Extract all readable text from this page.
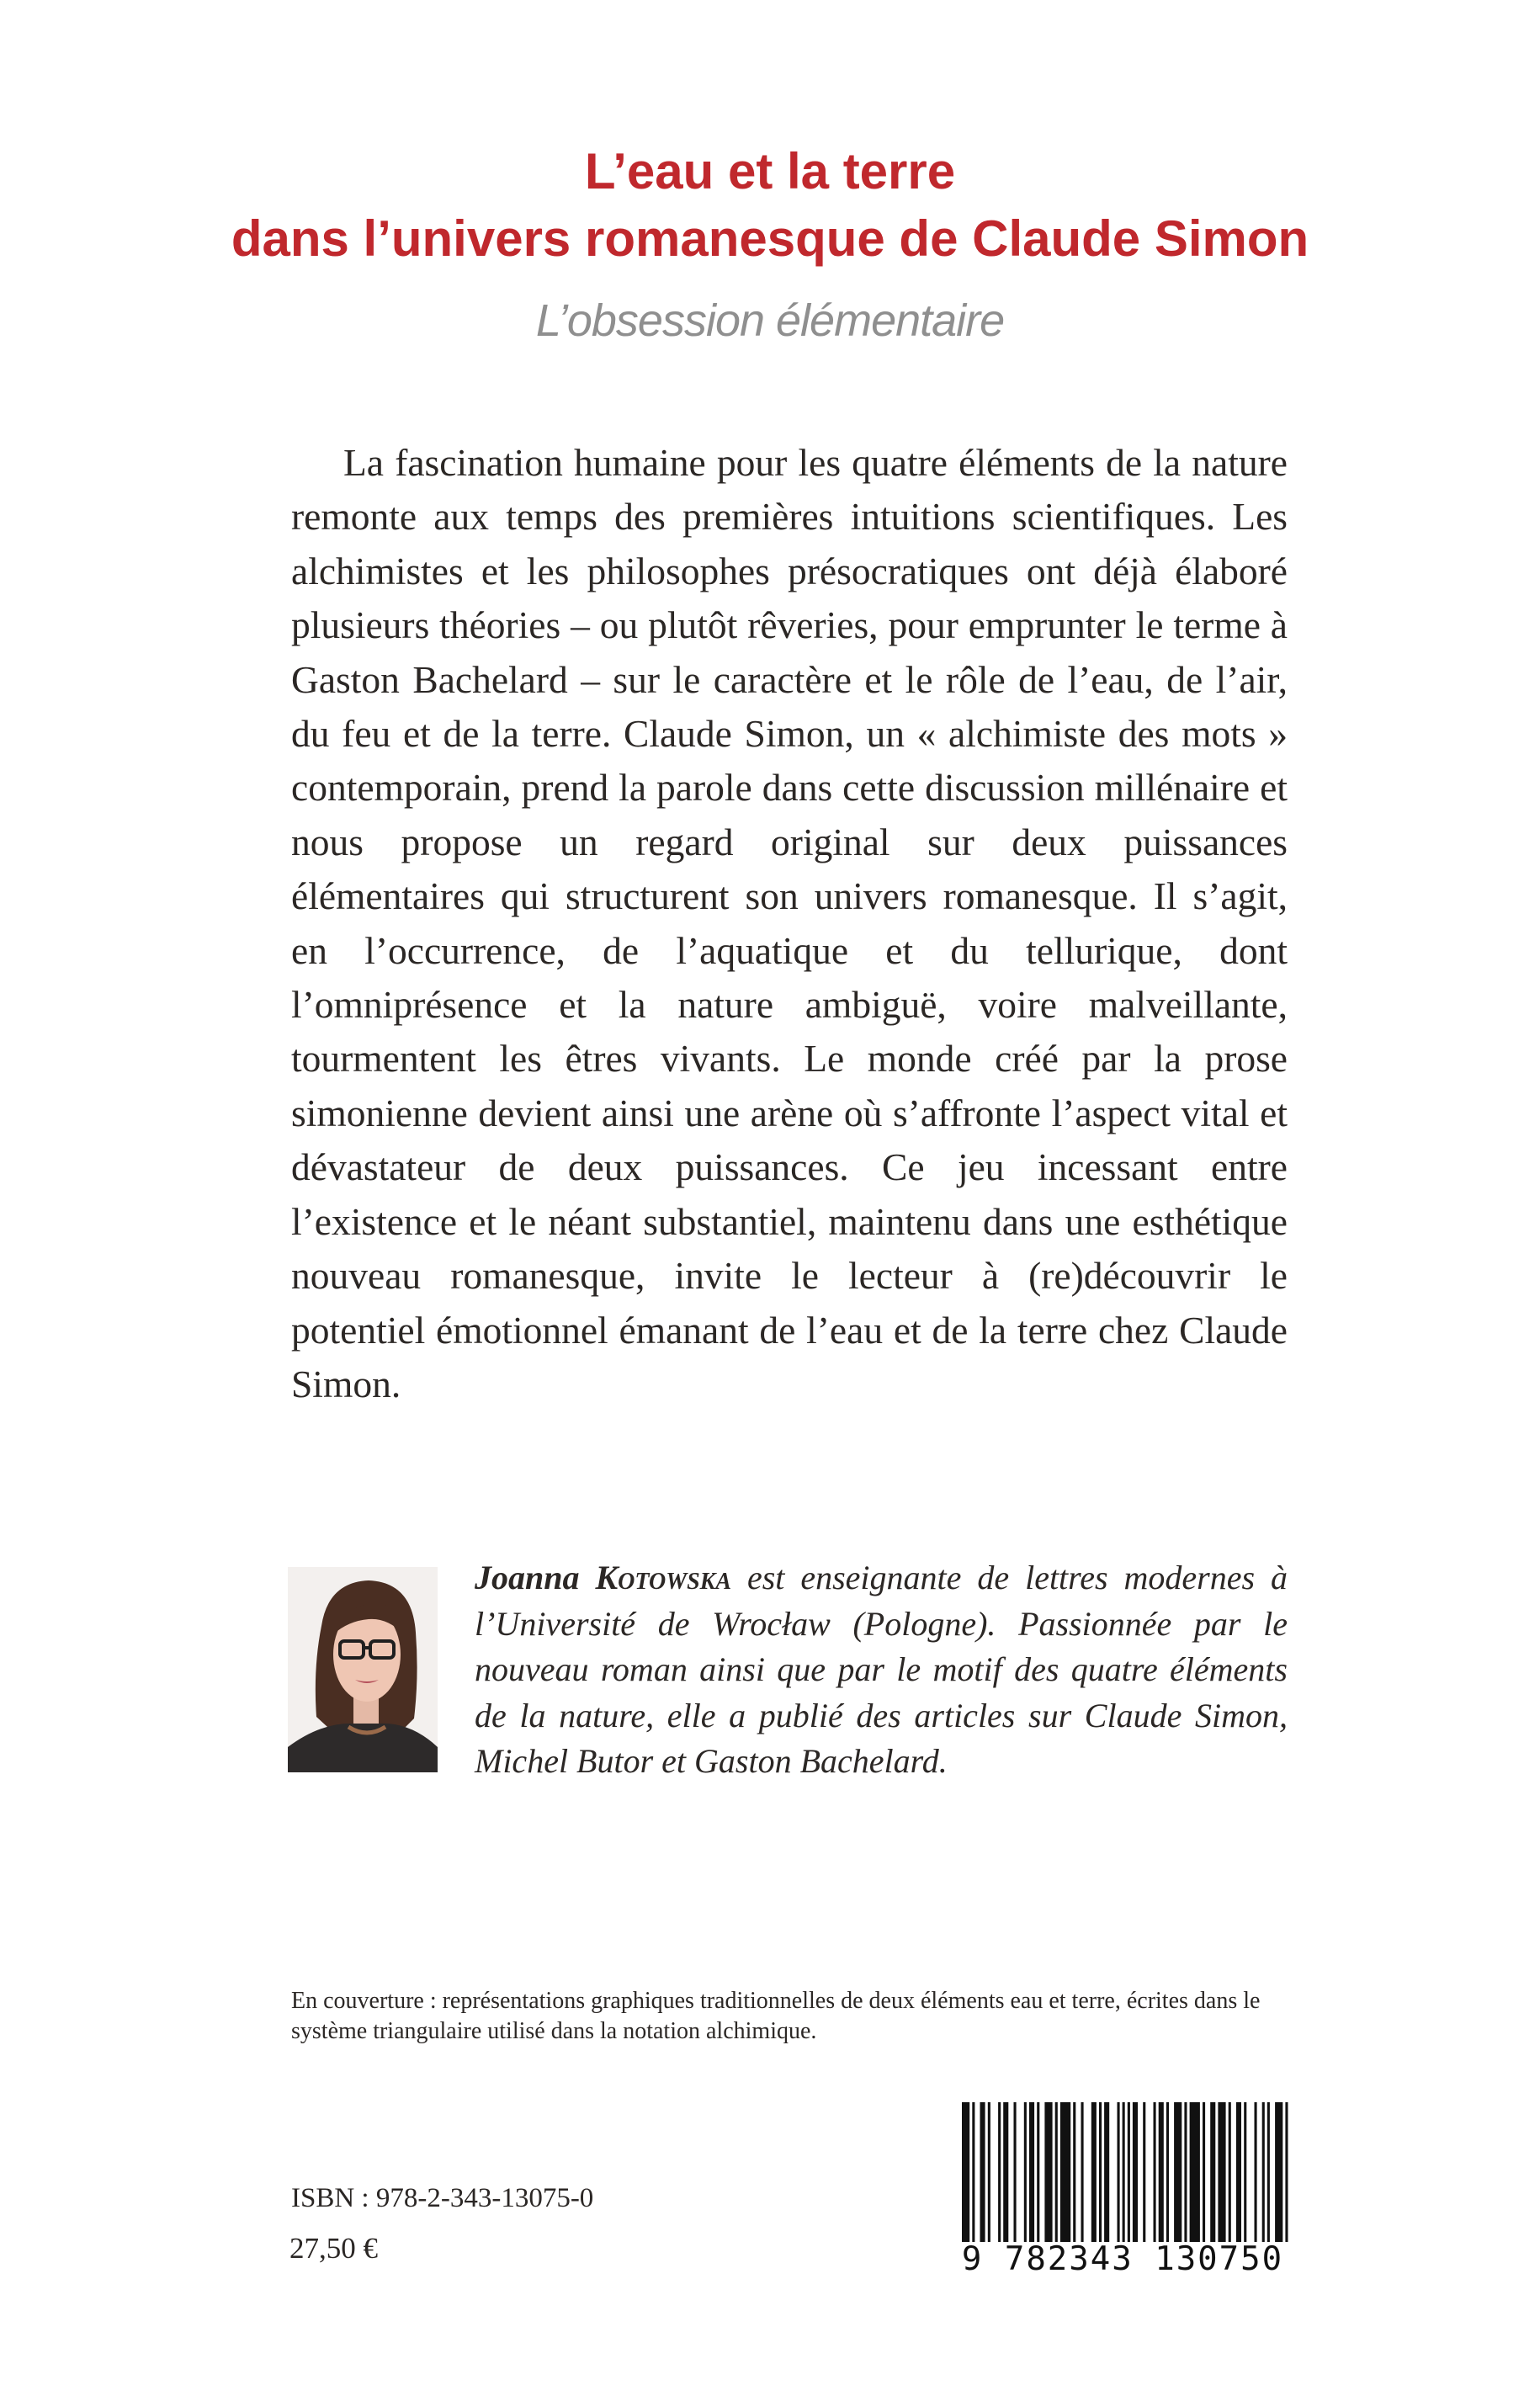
L’eau et la terre
dans l’univers romanesque de Claude Simon
L’obsession élémentaire

La fascination humaine pour les quatre éléments de la nature remonte aux temps des premières intuitions scientifiques. Les alchimistes et les philosophes présocratiques ont déjà élaboré plusieurs théories – ou plutôt rêveries, pour emprunter le terme à Gaston Bachelard – sur le caractère et le rôle de l’eau, de l’air, du feu et de la terre. Claude Simon, un « alchimiste des mots » contemporain, prend la parole dans cette discussion millénaire et nous propose un regard original sur deux puissances élémentaires qui structurent son univers romanesque. Il s’agit, en l’occurrence, de l’aquatique et du tellurique, dont l’omniprésence et la nature ambiguë, voire malveillante, tourmentent les êtres vivants. Le monde créé par la prose simonienne devient ainsi une arène où s’affronte l’aspect vital et dévastateur de deux puissances. Ce jeu incessant entre l’existence et le néant substantiel, maintenu dans une esthétique nouveau romanesque, invite le lecteur à (re)découvrir le potentiel émotionnel émanant de l’eau et de la terre chez Claude Simon.

Joanna Kotowska est enseignante de lettres modernes à l’Université de Wrocław (Pologne). Passionnée par le nouveau roman ainsi que par le motif des quatre éléments de la nature, elle a publié des articles sur Claude Simon, Michel Butor et Gaston Bachelard.

En couverture : représentations graphiques traditionnelles de deux éléments eau et terre, écrites dans le système triangulaire utilisé dans la notation alchimique.

ISBN : 978-2-343-13075-0
27,50 €	9 782343 130750
